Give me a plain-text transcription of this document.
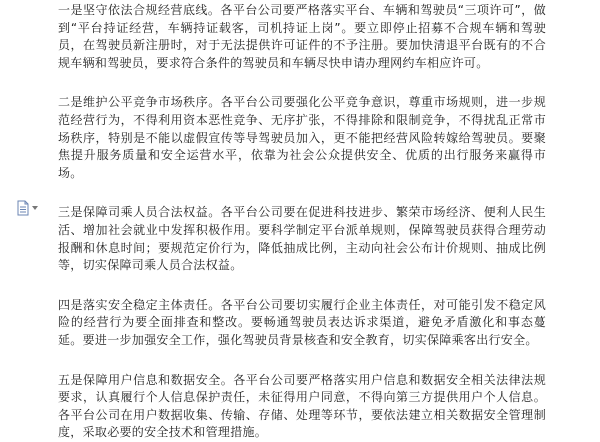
一是坚守依法合规经营底线。各平台公司要严格落实平台、车辆和驾驶员“三项许可”，做到“平台持证经营，车辆持证载客，司机持证上岗”。要立即停止招募不合规车辆和驾驶员，在驾驶员新注册时，对于无法提供许可证件的不予注册。要加快清退平台既有的不合规车辆和驾驶员，要求符合条件的驾驶员和车辆尽快申请办理网约车相应许可。

二是维护公平竞争市场秩序。各平台公司要强化公平竞争意识，尊重市场规则，进一步规范经营行为，不得利用资本恶性竞争、无序扩张，不得排除和限制竞争，不得扰乱正常市场秩序，特别是不能以虚假宣传等导驾驶员加入，更不能把经营风险转嫁给驾驶员。要聚焦提升服务质量和安全运营水平，依靠为社会公众提供安全、优质的出行服务来赢得市场。

三是保障司乘人员合法权益。各平台公司要在促进科技进步、繁荣市场经济、便利人民生活、增加社会就业中发挥积极作用。要科学制定平台派单规则，保障驾驶员获得合理劳动报酬和休息时间；要规范定价行为，降低抽成比例，主动向社会公布计价规则、抽成比例等，切实保障司乘人员合法权益。

四是落实安全稳定主体责任。各平台公司要切实履行企业主体责任，对可能引发不稳定风险的经营行为要全面排查和整改。要畅通驾驶员表达诉求渠道，避免矛盾激化和事态蔓延。要进一步加强安全工作，强化驾驶员背景核查和安全教育，切实保障乘客出行安全。

五是保障用户信息和数据安全。各平台公司要严格落实用户信息和数据安全相关法律法规要求，认真履行个人信息保护责任，未征得用户同意，不得向第三方提供用户个人信息。各平台公司在用户数据收集、传输、存储、处理等环节，要依法建立相关数据安全管理制度，采取必要的安全技术和管理措施。
